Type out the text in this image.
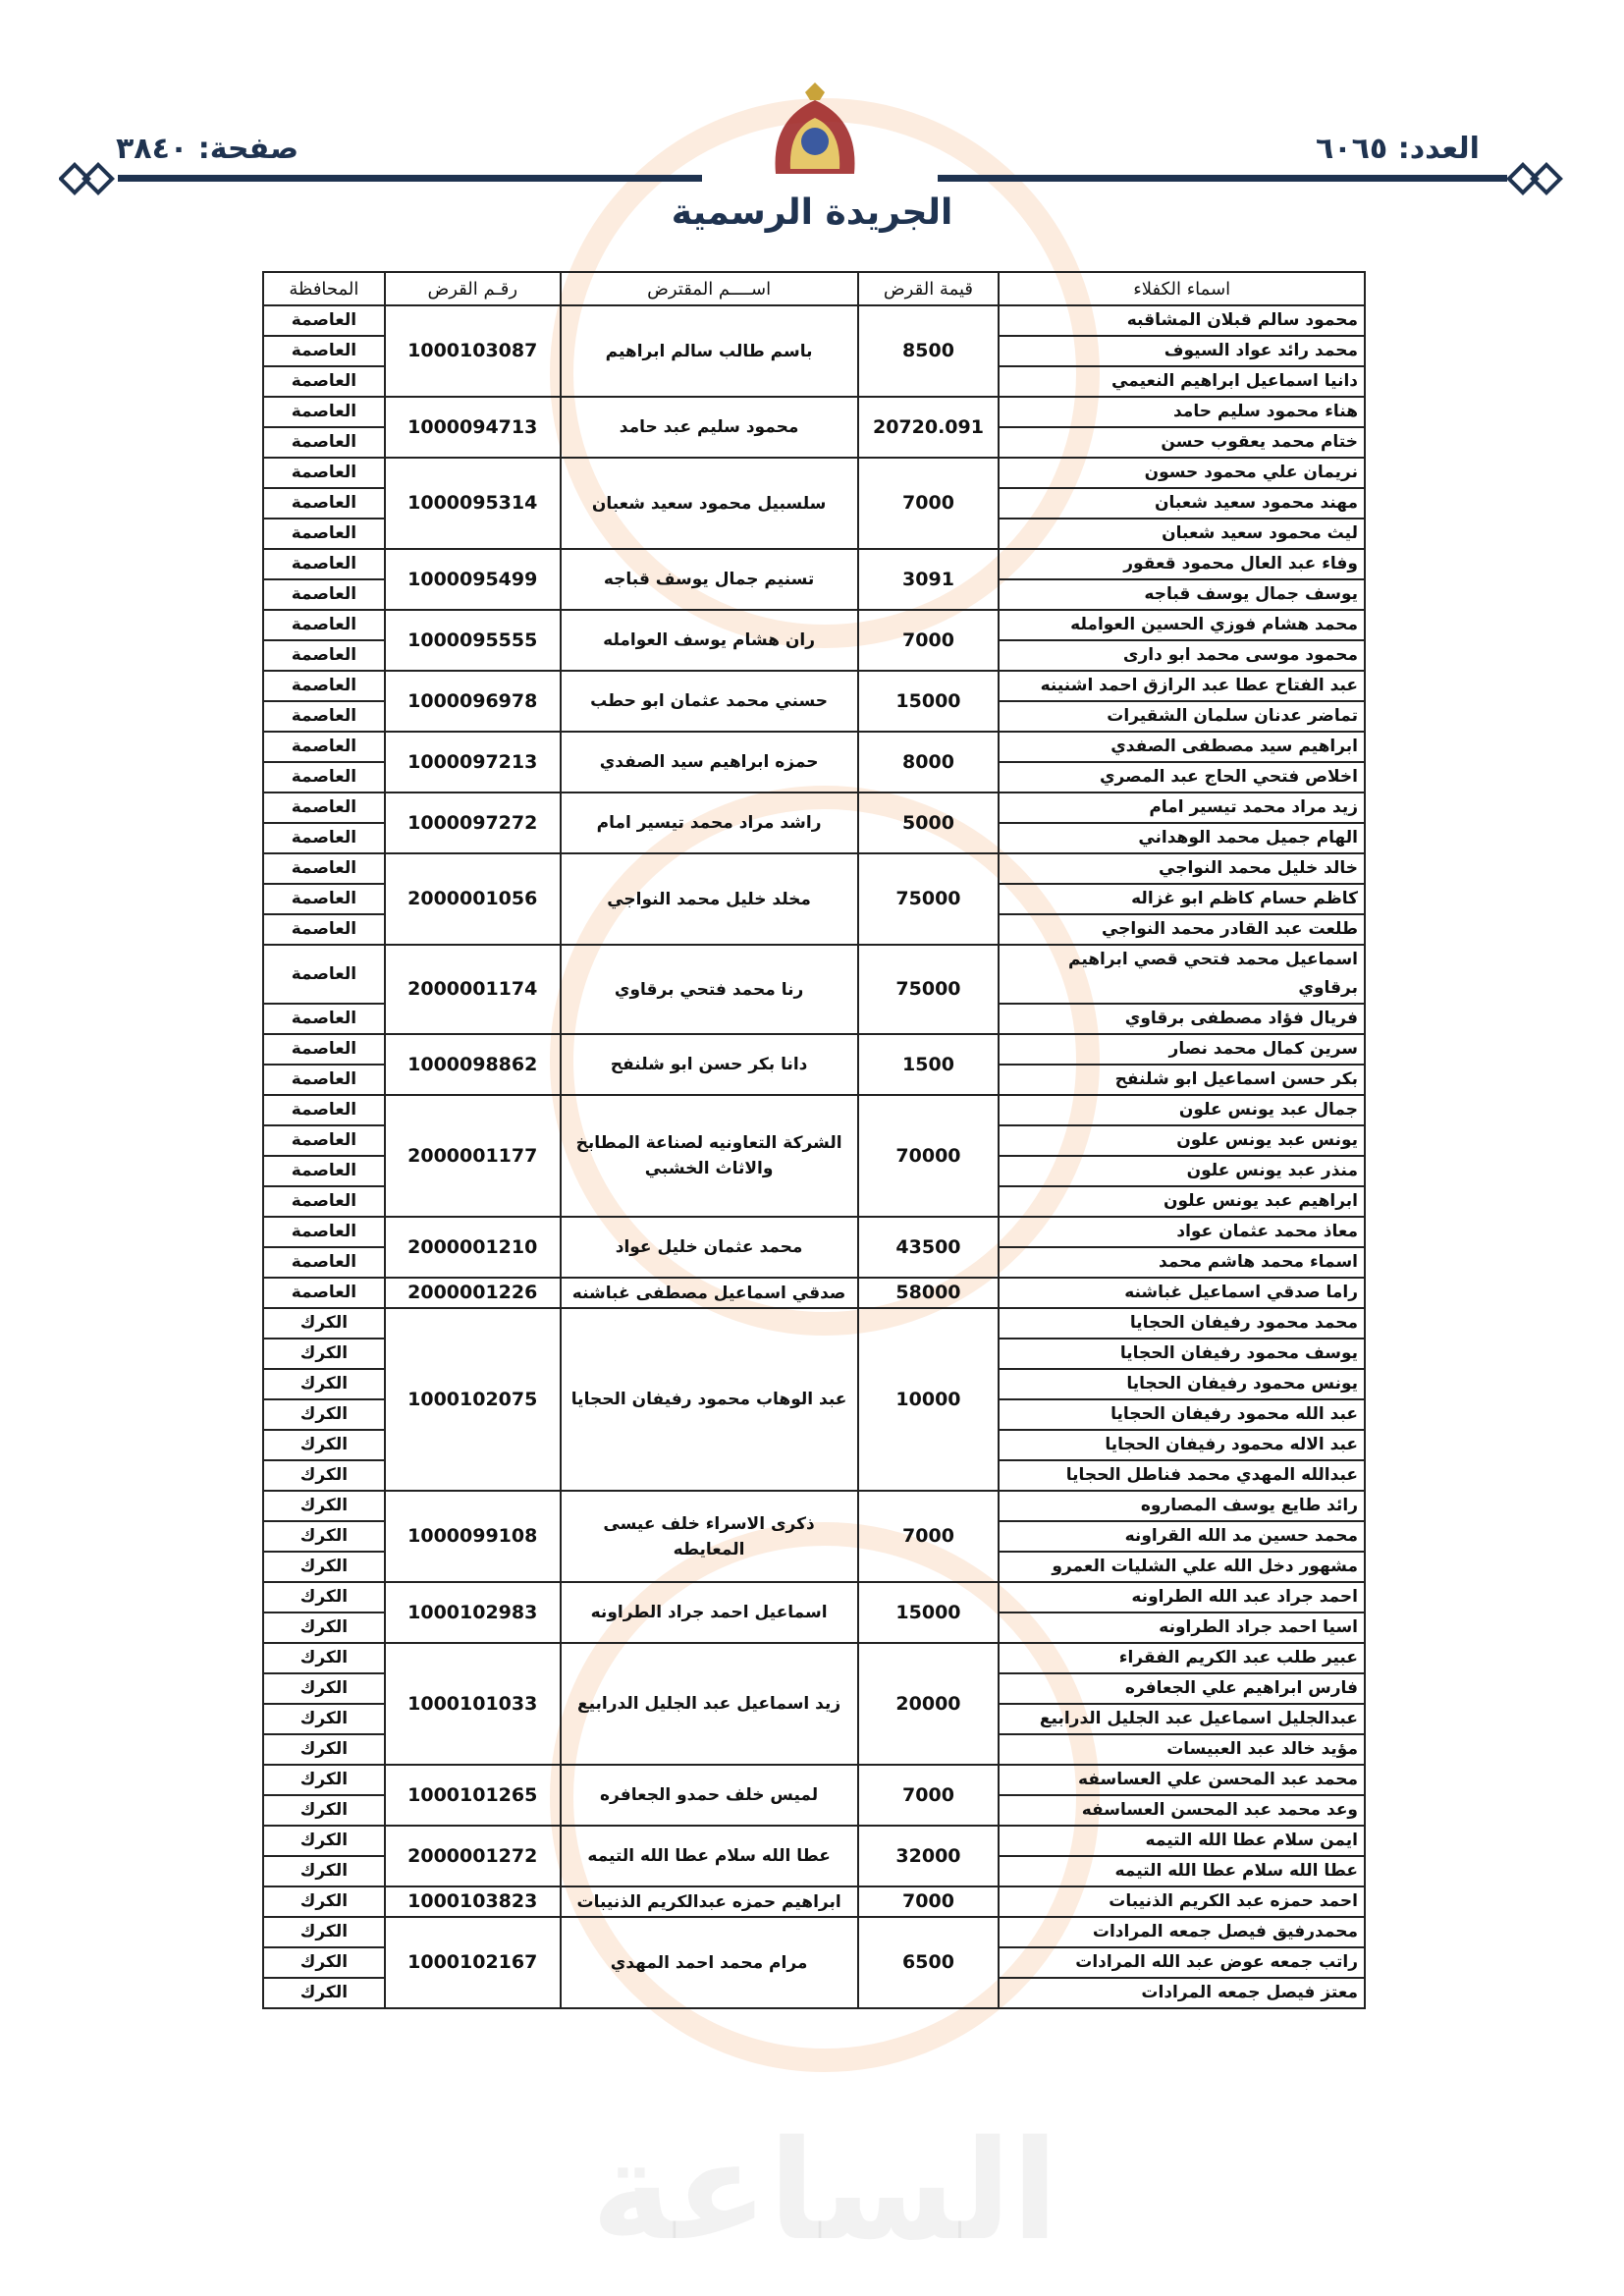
الساعة
العدد: ٦٠٦٥
صفحة: ٣٨٤٠
الجريدة الرسمية
اسماء الكفلاء	قيمة القرض	اســــم المقترض	رقـم القرض	المحافظة
محمود سالم قبلان المشاقبه	8500	باسم طالب سالم ابراهيم	1000103087	العاصمة
محمد رائد عواد السيوف				العاصمة
دانيا اسماعيل ابراهيم النعيمي				العاصمة
هناء محمود سليم حامد	20720.091	محمود سليم عبد حامد	1000094713	العاصمة
ختام محمد يعقوب حسن				العاصمة
نريمان علي محمود حسون	7000	سلسبيل محمود سعيد شعبان	1000095314	العاصمة
مهند محمود سعيد شعبان				العاصمة
ليث محمود سعيد شعبان				العاصمة
وفاء عبد العال محمود قعقور	3091	تسنيم جمال يوسف قباجه	1000095499	العاصمة
يوسف جمال يوسف قباجه				العاصمة
محمد هشام فوزي الحسين العوامله	7000	ران هشام يوسف العوامله	1000095555	العاصمة
محمود موسى محمد ابو دارى				العاصمة
عبد الفتاح عطا عبد الرازق احمد اشنينه	15000	حسني محمد عثمان ابو حطب	1000096978	العاصمة
تماضر عدنان سلمان الشقيرات				العاصمة
ابراهيم سيد مصطفى الصفدي	8000	حمزه ابراهيم سيد الصفدي	1000097213	العاصمة
اخلاص فتحي الحاج عبد المصري				العاصمة
زيد مراد محمد تيسير امام	5000	راشد مراد محمد تيسير امام	1000097272	العاصمة
الهام جميل محمد الوهداني				العاصمة
خالد خليل محمد النواجي	75000	مخلد خليل محمد النواجي	2000001056	العاصمة
كاظم حسام كاظم ابو غزاله				العاصمة
طلعت عبد القادر محمد النواجي				العاصمة
اسماعيل محمد فتحي قصي ابراهيم برقاوي	75000	رنا محمد فتحي برقاوي	2000001174	العاصمة
فريال فؤاد مصطفى برقاوي				العاصمة
سرين كمال محمد نصار	1500	دانا بكر حسن ابو شلنفح	1000098862	العاصمة
بكر حسن اسماعيل ابو شلنفح				العاصمة
جمال عبد يونس علون	70000	الشركة التعاونيه لصناعة المطابخ والاثاث الخشبي	2000001177	العاصمة
يونس عبد يونس علون				العاصمة
منذر عبد يونس علون				العاصمة
ابراهيم عبد يونس علون				العاصمة
معاذ محمد عثمان عواد	43500	محمد عثمان خليل عواد	2000001210	العاصمة
اسماء محمد هاشم محمد				العاصمة
راما صدقي اسماعيل غباشنه	58000	صدقي اسماعيل مصطفى غباشنه	2000001226	العاصمة
محمد محمود رفيفان الحجايا	10000	عبد الوهاب محمود رفيفان الحجايا	1000102075	الكرك
يوسف محمود رفيفان الحجايا				الكرك
يونس محمود رفيفان الحجايا				الكرك
عبد الله محمود رفيفان الحجايا				الكرك
عبد الاله محمود رفيفان الحجايا				الكرك
عبدالله المهدي محمد فناطل الحجايا				الكرك
رائد طايع يوسف المصاروه	7000	ذكرى الاسراء خلف عيسى المعايطه	1000099108	الكرك
محمد حسين مد الله القراونه				الكرك
مشهور دخل الله علي الشليات العمرو				الكرك
احمد جراد عبد الله الطراونه	15000	اسماعيل احمد جراد الطراونه	1000102983	الكرك
اسيا احمد جراد الطراونه				الكرك
عبير طلب عبد الكريم الفقراء	20000	زيد اسماعيل عبد الجليل الدرابيع	1000101033	الكرك
فارس ابراهيم علي الجعافره				الكرك
عبدالجليل اسماعيل عبد الجليل الدرابيع				الكرك
مؤيد خالد عبد العبيسات				الكرك
محمد عبد المحسن علي العساسفه	7000	لميس خلف حمدو الجعافره	1000101265	الكرك
وعد محمد عبد المحسن العساسفه				الكرك
ايمن سلام عطا الله التيمه	32000	عطا الله سلام عطا الله التيمه	2000001272	الكرك
عطا الله سلام عطا الله التيمه				الكرك
احمد حمزه عبد الكريم الذنيبات	7000	ابراهيم حمزه عبدالكريم الذنيبات	1000103823	الكرك
محمدرفيق فيصل جمعه المرادات	6500	مرام محمد احمد المهدي	1000102167	الكرك
راتب جمعه عوض عبد الله المرادات				الكرك
معتز فيصل جمعه المرادات				الكرك
